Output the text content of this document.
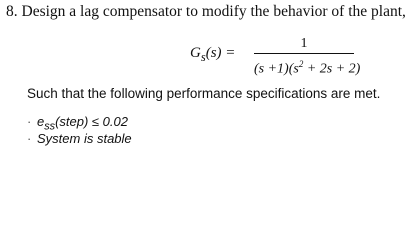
8. Design a lag compensator to modify the behavior of the plant,
$G_s(s)$ =
1
$(s +1)(s^2 + 2s + 2)$
Such that the following performance specifications are met.
· $e_{ss}(step) \le 0.02$
· System is stable
